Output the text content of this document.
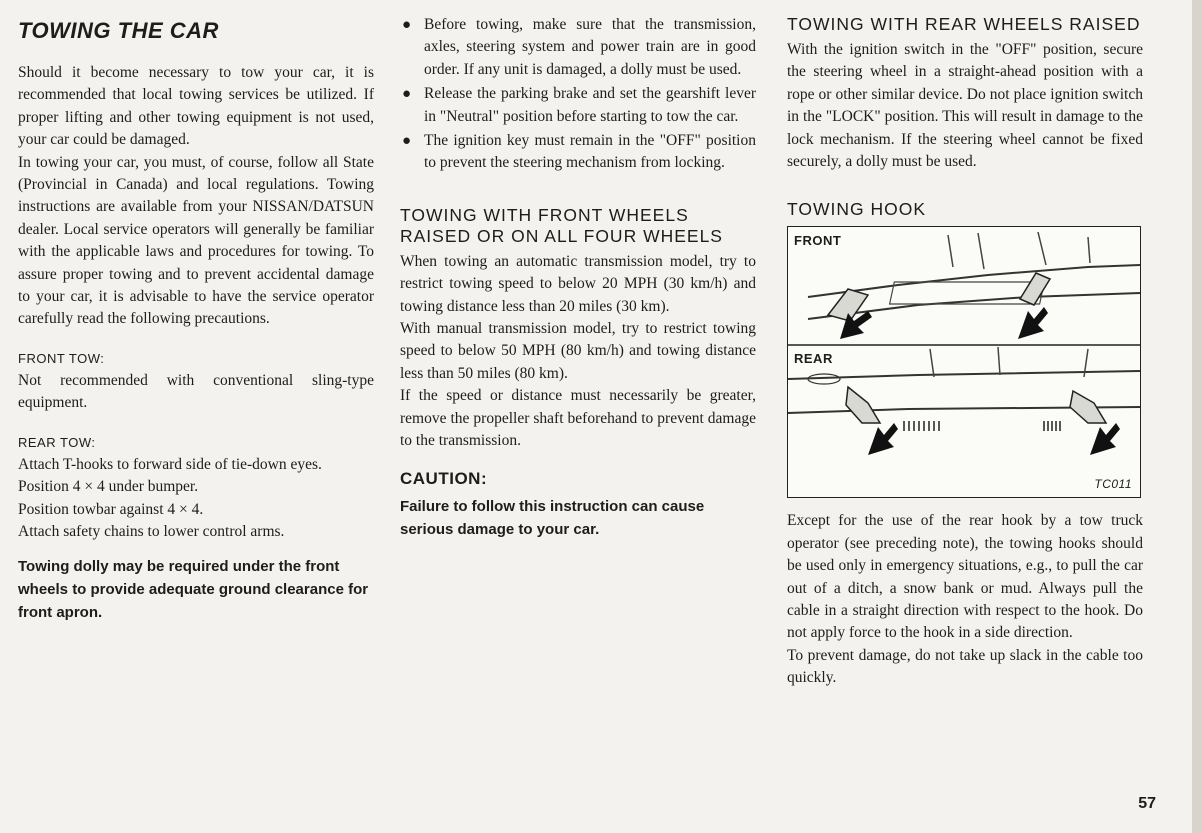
TOWING THE CAR

Should it become necessary to tow your car, it is recommended that local towing services be utilized. If proper lifting and other towing equipment is not used, your car could be damaged.

In towing your car, you must, of course, follow all State (Provincial in Canada) and local regulations. Towing instructions are available from your NISSAN/DATSUN dealer. Local service operators will generally be familiar with the applicable laws and procedures for towing. To assure proper towing and to prevent accidental damage to your car, it is advisable to have the service operator carefully read the following precautions.

FRONT TOW:

Not recommended with conventional sling-type equipment.

REAR TOW:

Attach T-hooks to forward side of tie-down eyes.

Position 4 × 4 under bumper.

Position towbar against 4 × 4.

Attach safety chains to lower control arms.

Towing dolly may be required under the front wheels to provide adequate ground clearance for front apron.

● Before towing, make sure that the transmission, axles, steering system and power train are in good order. If any unit is damaged, a dolly must be used.
● Release the parking brake and set the gearshift lever in "Neutral" position before starting to tow the car.
● The ignition key must remain in the "OFF" position to prevent the steering mechanism from locking.
TOWING WITH FRONT WHEELS RAISED OR ON ALL FOUR WHEELS

When towing an automatic transmission model, try to restrict towing speed to below 20 MPH (30 km/h) and towing distance less than 20 miles (30 km).

With manual transmission model, try to restrict towing speed to below 50 MPH (80 km/h) and towing distance less than 50 miles (80 km).

If the speed or distance must necessarily be greater, remove the propeller shaft beforehand to prevent damage to the transmission.

CAUTION:

Failure to follow this instruction can cause serious damage to your car.

TOWING WITH REAR WHEELS RAISED

With the ignition switch in the "OFF" position, secure the steering wheel in a straight-ahead position with a rope or other similar device. Do not place ignition switch in the "LOCK" position. This will result in damage to the lock mechanism. If the steering wheel cannot be fixed securely, a dolly must be used.

TOWING HOOK
FRONT
REAR
TC011

Except for the use of the rear hook by a tow truck operator (see preceding note), the towing hooks should be used only in emergency situations, e.g., to pull the car out of a ditch, a snow bank or mud. Always pull the cable in a straight direction with respect to the hook. Do not apply force to the hook in a side direction.

To prevent damage, do not take up slack in the cable too quickly.

57
